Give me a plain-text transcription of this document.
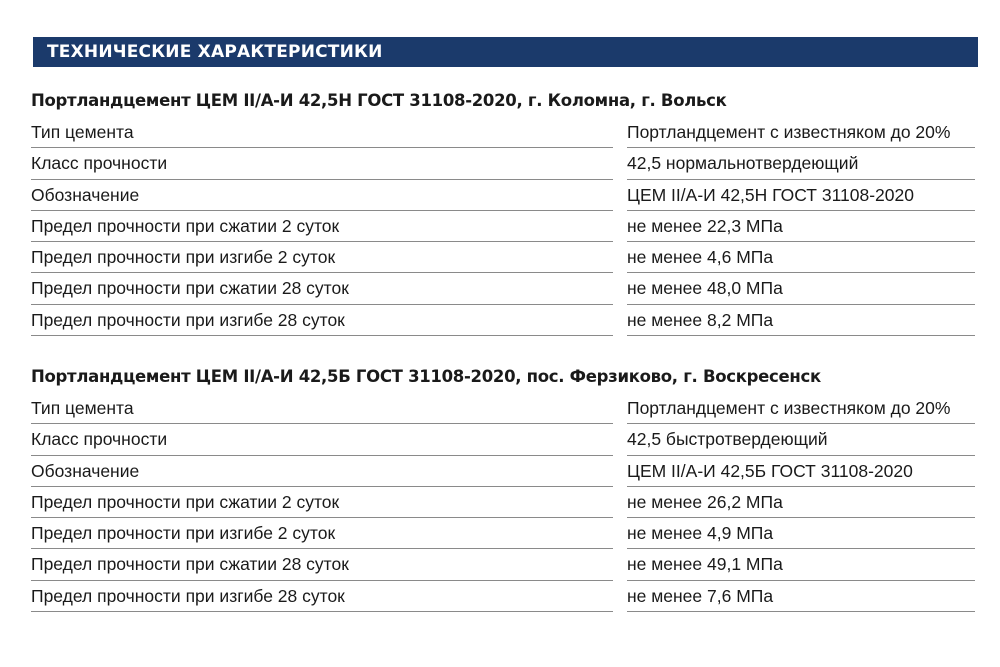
ТЕХНИЧЕСКИЕ ХАРАКТЕРИСТИКИ
Портландцемент ЦЕМ II/А-И 42,5Н ГОСТ 31108-2020, г. Коломна, г. Вольск
Тип цемента	Портландцемент с известняком до 20%
Класс прочности	42,5 нормальнотвердеющий
Обозначение	ЦЕМ II/А-И 42,5Н ГОСТ 31108-2020
Предел прочности при сжатии 2 суток	не менее 22,3 МПа
Предел прочности при изгибе 2 суток	не менее 4,6 МПа
Предел прочности при сжатии 28 суток	не менее 48,0 МПа
Предел прочности при изгибе 28 суток	не менее 8,2 МПа
Портландцемент ЦЕМ II/А-И 42,5Б ГОСТ 31108-2020, пос. Ферзиково, г. Воскресенск
Тип цемента	Портландцемент с известняком до 20%
Класс прочности	42,5 быстротвердеющий
Обозначение	ЦЕМ II/А-И 42,5Б ГОСТ 31108-2020
Предел прочности при сжатии 2 суток	не менее 26,2 МПа
Предел прочности при изгибе 2 суток	не менее 4,9 МПа
Предел прочности при сжатии 28 суток	не менее 49,1 МПа
Предел прочности при изгибе 28 суток	не менее 7,6 МПа
